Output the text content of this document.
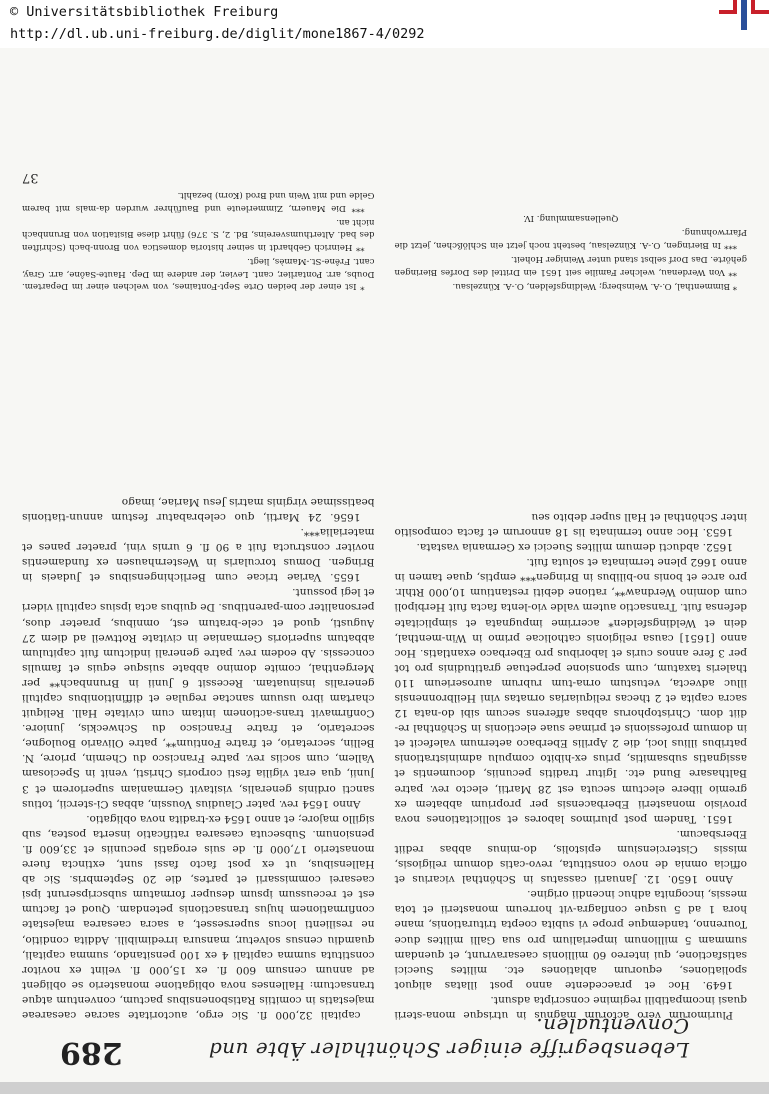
© Universitätsbibliothek Freiburg
http://dl.ub.uni-freiburg.de/diglit/mone1867-4/0292
Lebensbegriffe einiger Schönthaler Äbte und Conventualen.
289

Plurimorum vero actorum magnus in utrisque mona-sterii quasi incompatibili regimine conscripta adsunt.

1649. Hoc et praecedente anno post illatas aliquot spoliationes, equorum ablationes etc. milites Suecici satisfactione, qui intereo 60 millionis caesaravrunt, et quendam summam 5 millionum imperialium pro sua Galli milites duce Tourenno, tandemque prope vi subita coepta triturationis, mane hora 1 ad 5 usque conflagra-vit horreum monasterii et tota messis, incognita adhuc incendii origine.

Anno 1650. 12. Januarii cassatus in Schönthal vicarius et officia omnia de novo constituta, revo-catis domum religiosis, missis Cisterciensium epistolis, do-minus abbas rediit Ebersbacum.

1651. Tandem post plurimos labores et sollicitationes nova provisio monasterii Eberbacensis per proprium abbatem ex gremio libere electum secuta est 28 Martii, electo rev. patre Balthasare Bund etc. Igitur traditis pecuniis, documentis et assignatis subsamitis, prius ex-hibito compulu administrationis patribus illius loci, die 2 Aprilis Eberbaco aeternum valefecit et in domum professionis et primae suae electionis in Schönthal re-diit dom. Christophorus abbas afferens secum sibi do-nata 12 sacra capita et 2 thecas reliquiarias ornatas vini Heilbronnensis illuc advecta, vetustum orna-tum rubrum auroserieum 110 thaleris taxatum, cum sponsione perpetuae gratitudinis pro tot per 3 fere annos curis et laboribus pro Eberbaco exantlatis. Hoc anno [1651] causa religionis catholicae primo in Win-menthal, dein et Weldingsfelden* acerrime impugnata et simplicitate defensa fuit. Transactio autem valde vio-lenta facta fuit Herbipoli cum domino Werdnaw**, ratione debiti restantium 10,000 Rthlr. pro arce et bonis no-bilibus in Bringen*** emptis, quae tamen in anno 1662 plene terminata et soluta fuit.

1652. abducti demum milites Suecici ex Germania vastata.

1653. Hoc anno terminata lis 18 annorum et facta compositio inter Schönthal et Hall super debito seu

capitali 32,000 fl. Sic ergo, auctoritate sacrae caesareae majestatis in comitiis Ratisbonensibus pactum, conventum atque transactum: Hallenses nova obligatione monasterio se obligent ad annum censum 600 fl. ex 15,000 fl. velint ex novitor constituta summa capitali 4 ex 100 pensitando, summa capitali, quamdiu census solvetur, mansura irredimibili. Addita conditio, ne resilienti locus supersesset, a sacra caesarea majestate confirmationem hujus transactionis petendam. Quod et factum est et receussum ipsum desuper formatum subscripserunt ipsi caesarei commissarii et partes, die 20 Septembris. Sic ab Hallensibus, ut ex post facto fassi sunt, extincta fuere monasterio 17,000 fl. de suis erogatis pecuniis et 33,600 fl. pensionum. Subsecuta caesarea ratificatio inserta postea, sub sigillo majore; et anno 1654 ex-tradita nova obligatio.

Anno 1654 rev. pater Claudius Voussin, abbas Ci-stercii, totius sancti ordinis generalis, visitavit Germaniam superiorem et 3 Junii, qua erat vigilia festi corporis Christi, venit in Speciosam Vallem, cum sociis rev. patre Francisco du Chemin, priore, N. Bellin, secretario, et fratre Fontium**, patre Olivario Boulogne, secretario, et fratre Francisco du Schweckis, juniore. Confirmavit trans-actionem initam cum civitate Hall. Reliquit chartam ibro usuum sanctae regulae et diffinitionibus capituli generalis insinuatam. Recessit 6 Junii in Brunnbach** per Mergenthal, comite domino abbate suisque equis et famulis concessis. Ab eodem rev. patre generali indictum fuit capitulum abbatum superioris Germaniae in civitate Rottweil ad diem 27 Augusti, quod et cele-bratum est, omnibus, praeter duos, personaliter com-parentibus. De quibus acta ipsius capituli videri et legi possunt.

1655. Variae tricae cum Berlichingensibus et Judaeis in Bringen. Domus torcularis in Westernhausen ex fundamentis noviter constructa fuit a 90 fl. 6 urnis vini, praeter panes et materialia***.

1656. 24 Martii, quo celebrabatur festum annun-tiationis beatissimae virginis matris Jesu Mariae, imago

* Bimmenthal, O.-A. Weinsberg; Weldingsfelden, O.-A. Künzelsau.

** Von Werdenau, welcher Familie seit 1651 ein Drittel des Dorfes Bieringen gehörte. Das Dorf selbst stand unter Weiniger Hoheit.

*** In Bieringen, O.-A. Künzelsau, besteht noch jetzt ein Schlößchen, jetzt die Pfarrwohnung.

Quellensammlung. IV.

* Ist einer der beiden Orte Sept-Fontaines, von welchen einer im Departem. Doubs, arr. Pontarlier, cant. Levier, der andere im Dep. Haute-Saône, arr. Gray, cant. Frêne-St.-Mamès, liegt.

** Heinrich Gebhardt in seiner historia domestica von Bronn-bach (Schriften des bad. Alterthumsvereins, Bd. 2, S. 376) führt diese Bisitation von Brunnbach nicht an.

*** Die Mauern, Zimmerleute und Bauführer wurden da-mals mit barem Gelde und mit Wein und Brod (Korn) bezahlt.

37
